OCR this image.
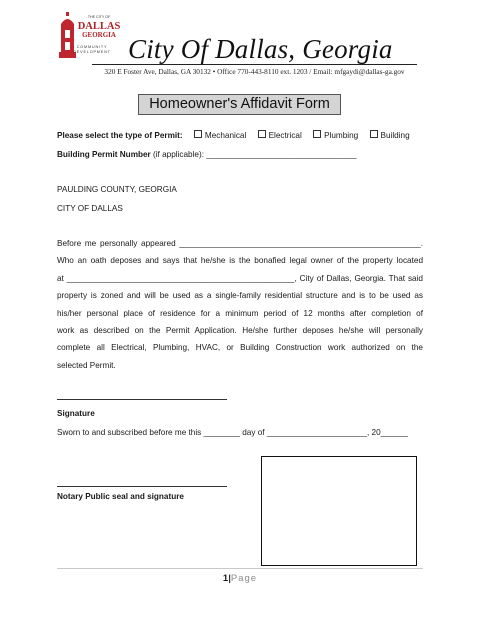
THE CITY OF
DALLAS
GEORGIA
COMMUNITY
DEVELOPMENT City Of Dallas, Georgia
320 E Foster Ave, Dallas, GA 30132 • Office 770-443-8110 ext. 1203 / Email: mfgaydi@dallas-ga.gov
Homeowner's Affidavit Form
Please select the type of Permit:	Mechanical	Electrical	Plumbing	Building
Building Permit Number (if applicable): _________________________________
PAULDING COUNTY, GEORGIA
CITY OF DALLAS
Before me personally appeared _____________________________________________________.
Who an oath deposes and says that he/she is the bonafied legal owner of the property located
at __________________________________________________, City of Dallas, Georgia. That said
property is zoned and will be used as a single-family residential structure and is to be used as
his/her personal place of residence for a minimum period of 12 months after completion of
work as described on the Permit Application. He/she further deposes he/she will personally
complete all Electrical, Plumbing, HVAC, or Building Construction work authorized on the
selected Permit.
Signature
Sworn to and subscribed before me this ________ day of ______________________, 20______
Notary Public seal and signature
1|Page
